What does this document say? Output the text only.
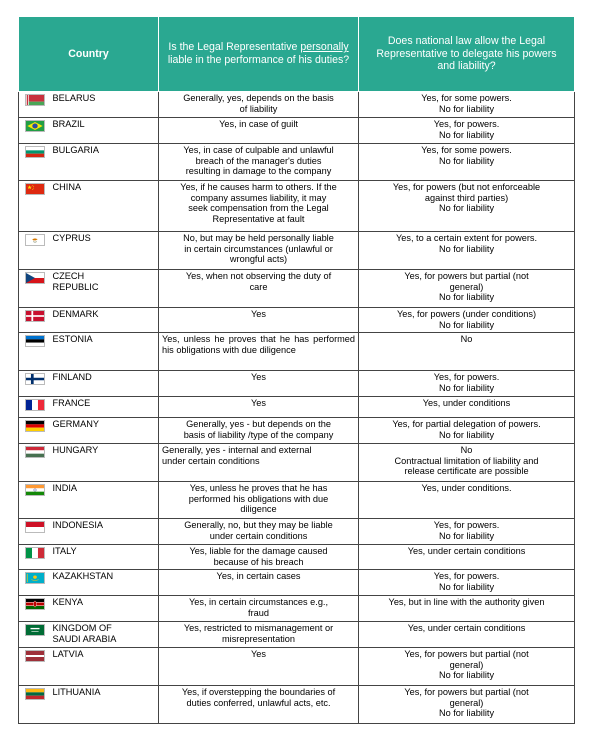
Country		Is the Legal Representative personally liable in the performance of his duties?	Does national law allow the Legal Representative to delegate his powers and liability?

BELARUS	Generally, yes, depends on the basis
of liability	Yes, for some powers.
No for liability

BRAZIL	Yes, in case of guilt	Yes, for powers.
No for liability

BULGARIA	Yes, in case of culpable and unlawful
breach of the manager's duties
resulting in damage to the company	Yes, for some powers.
No for liability

CHINA	Yes, if he causes harm to others. If the
company assumes liability, it may
seek compensation from the Legal
Representative at fault	Yes, for powers (but not enforceable
against third parties)
No for liability

CYPRUS	No, but may be held personally liable
in certain circumstances (unlawful or
wrongful acts)	Yes, to a certain extent for powers.
No for liability

CZECH
REPUBLIC	Yes, when not observing the duty of
care	Yes, for powers but partial (not
general)
No for liability

DENMARK	Yes	Yes, for powers (under conditions)
No for liability

ESTONIA	Yes, unless he proves that he has performed his obligations with due diligence	No

FINLAND	Yes	Yes, for powers.
No for liability

FRANCE	Yes	Yes, under conditions

GERMANY	Generally, yes - but depends on the
basis of liability /type of the company	Yes, for partial delegation of powers.
No for liability

HUNGARY	Generally, yes - internal and external
under certain conditions	No
Contractual limitation of liability and
release certificate are possible

INDIA	Yes, unless he proves that he has
performed his obligations with due
diligence	Yes, under conditions.

INDONESIA	Generally, no, but they may be liable
under certain conditions	Yes, for powers.
No for liability

ITALY	Yes, liable for the damage caused
because of his breach	Yes, under certain conditions

KAZAKHSTAN	Yes, in certain cases	Yes, for powers.
No for liability

KENYA	Yes, in certain circumstances e.g.,
fraud	Yes, but in line with the authority given

KINGDOM OF
SAUDI ARABIA	Yes, restricted to mismanagement or
misrepresentation	Yes, under certain conditions

LATVIA	Yes	Yes, for powers but partial (not
general)
No for liability

LITHUANIA	Yes, if overstepping the boundaries of
duties conferred, unlawful acts, etc.	Yes, for powers but partial (not
general)
No for liability
